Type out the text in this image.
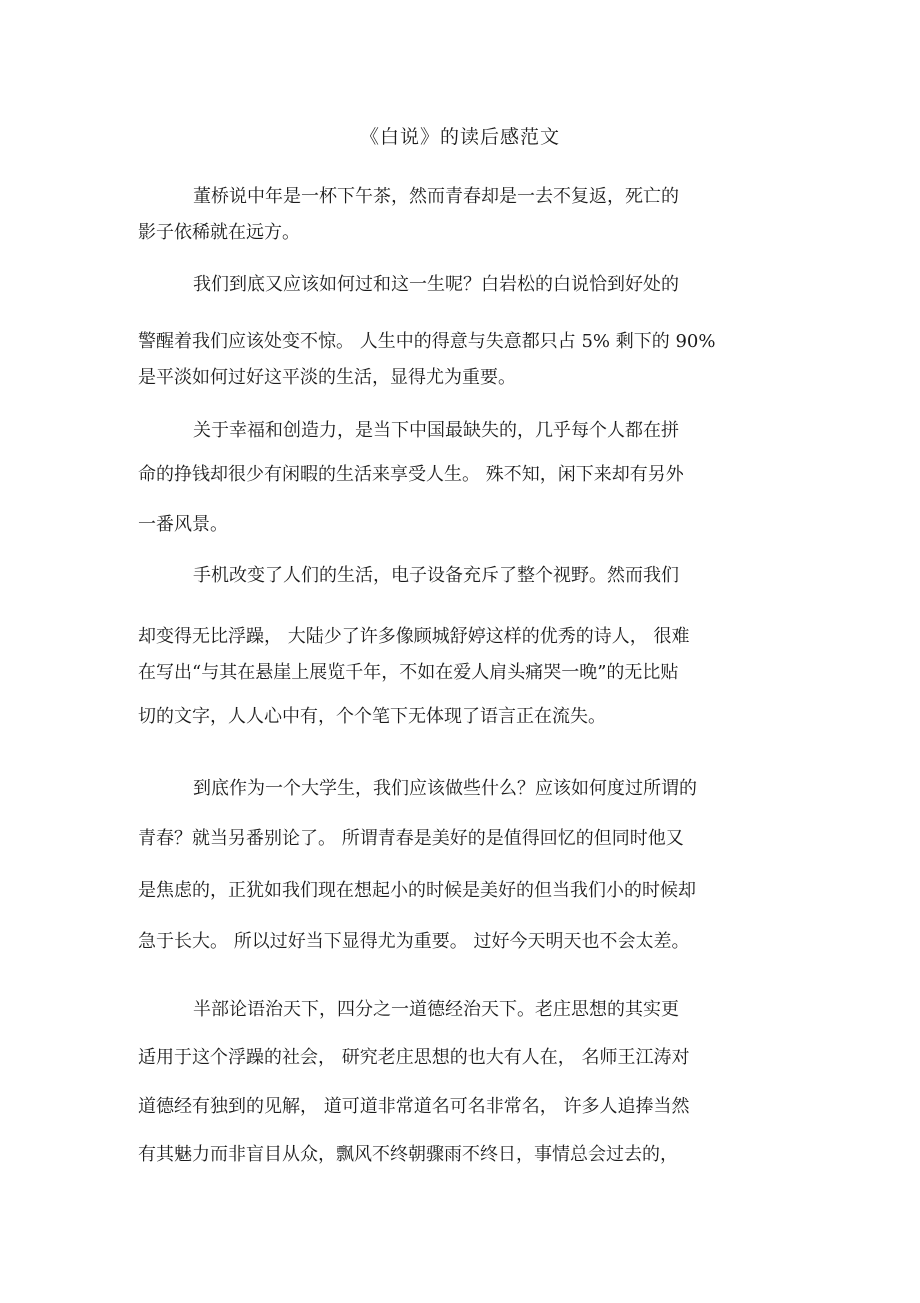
《白说》的读后感范文
董桥说中年是一杯下午茶，然而青春却是一去不复返，死亡的
影子依稀就在远方。
我们到底又应该如何过和这一生呢？白岩松的白说恰到好处的
警醒着我们应该处变不惊。 人生中的得意与失意都只占 5% 剩下的 90%
是平淡如何过好这平淡的生活，显得尤为重要。
关于幸福和创造力，是当下中国最缺失的，几乎每个人都在拼
命的挣钱却很少有闲暇的生活来享受人生。 殊不知，闲下来却有另外
一番风景。
手机改变了人们的生活，电子设备充斥了整个视野。然而我们
却变得无比浮躁， 大陆少了许多像顾城舒婷这样的优秀的诗人， 很难
在写出“与其在悬崖上展览千年，不如在爱人肩头痛哭一晚”的无比贴
切的文字，人人心中有，个个笔下无体现了语言正在流失。
到底作为一个大学生，我们应该做些什么？应该如何度过所谓的
青春？就当另番别论了。 所谓青春是美好的是值得回忆的但同时他又
是焦虑的，正犹如我们现在想起小的时候是美好的但当我们小的时候却
急于长大。 所以过好当下显得尤为重要。 过好今天明天也不会太差。
半部论语治天下，四分之一道德经治天下。老庄思想的其实更
适用于这个浮躁的社会， 研究老庄思想的也大有人在， 名师王江涛对
道德经有独到的见解， 道可道非常道名可名非常名， 许多人追捧当然
有其魅力而非盲目从众，飘风不终朝骤雨不终日，事情总会过去的，
